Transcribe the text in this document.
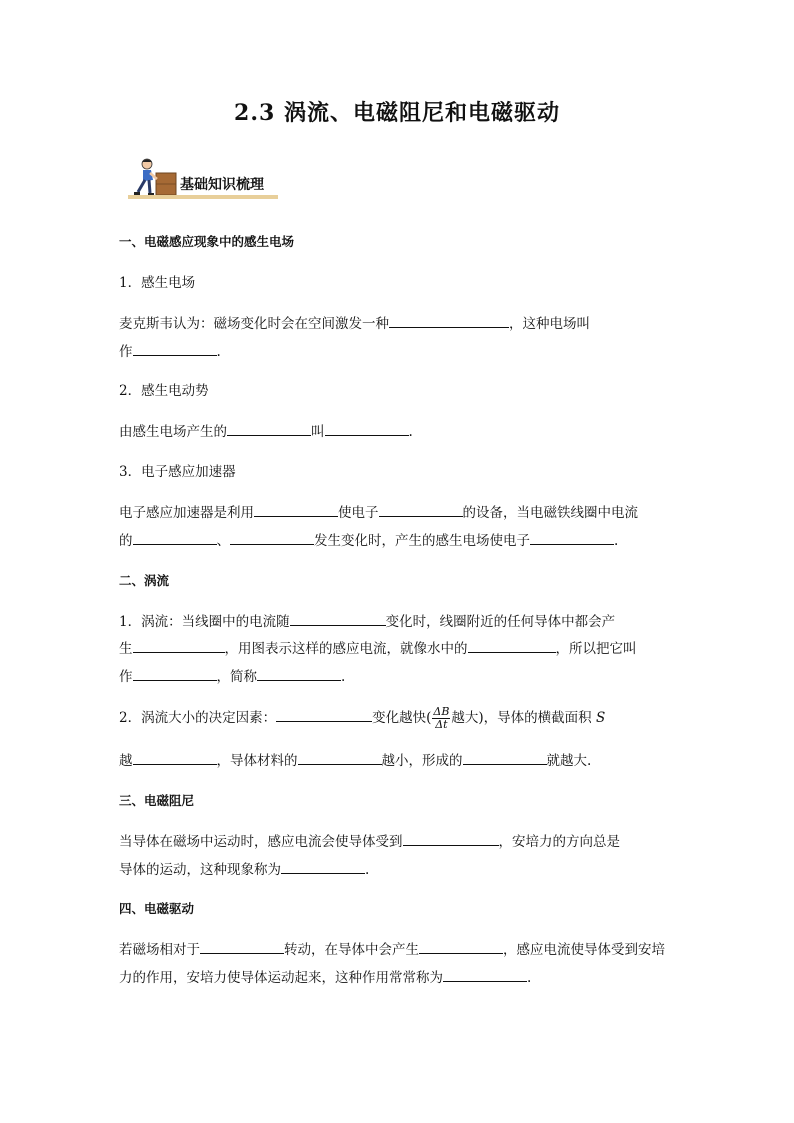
2.3 涡流、电磁阻尼和电磁驱动
基础知识梳理
一、电磁感应现象中的感生电场
1．感生电场
麦克斯韦认为：磁场变化时会在空间激发一种	，这种电场叫
作	.
2．感生电动势
由感生电场产生的	叫	.
3．电子感应加速器
电子感应加速器是利用	使电子	的设备，当电磁铁线圈中电流
的	、	发生变化时，产生的感生电场使电子	.
二、涡流
1．涡流：当线圈中的电流随	变化时，线圈附近的任何导体中都会产
生	，用图表示这样的感应电流，就像水中的	，所以把它叫
作	，简称	.
2．涡流大小的决定因素：	变化越快( $\frac{\Delta B}{\Delta t}$ 越大)，导体的横截面积 S
越	，导体材料的	越小，形成的	就越大.
三、电磁阻尼
当导体在磁场中运动时，感应电流会使导体受到	，安培力的方向总是
导体的运动，这种现象称为	.
四、电磁驱动
若磁场相对于	转动，在导体中会产生	，感应电流使导体受到安培
力的作用，安培力使导体运动起来，这种作用常常称为	.
